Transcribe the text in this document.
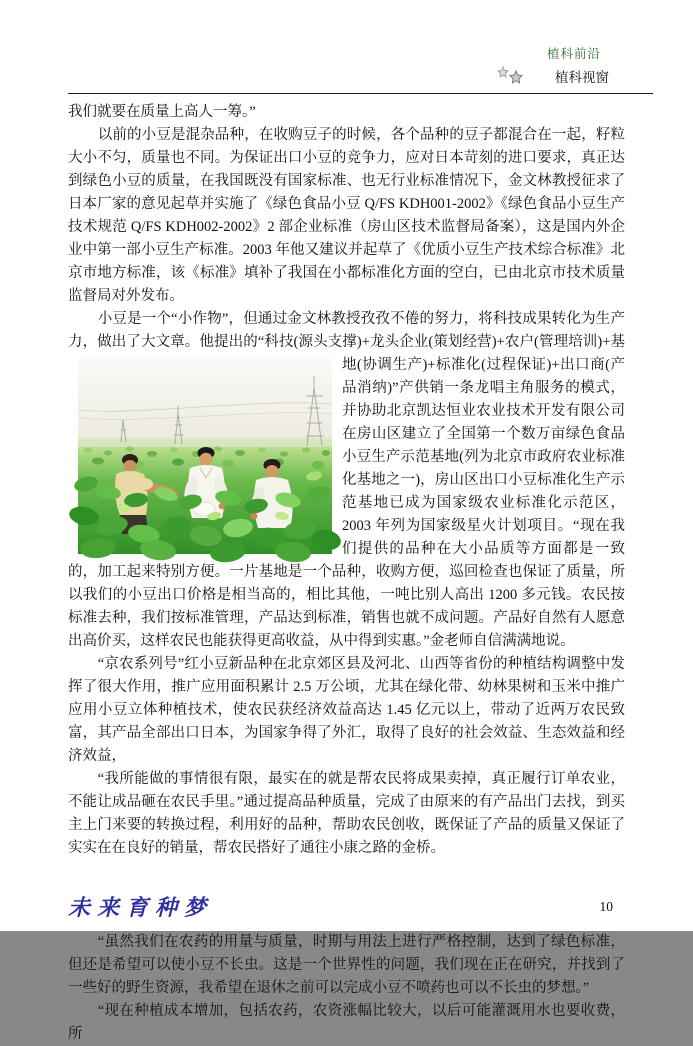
植科前沿
植科视窗

我们就要在质量上高人一筹。”

以前的小豆是混杂品种，在收购豆子的时候，各个品种的豆子都混合在一起，籽粒大小不匀，质量也不同。为保证出口小豆的竞争力，应对日本苛刻的进口要求，真正达到绿色小豆的质量，在我国既没有国家标准、也无行业标准情况下，金文林教授征求了日本厂家的意见起草并实施了《绿色食品小豆 Q/FS KDH001-2002》《绿色食品小豆生产技术规范 Q/FS KDH002-2002》2 部企业标准（房山区技术监督局备案），这是国内外企业中第一部小豆生产标准。2003 年他又建议并起草了《优质小豆生产技术综合标准》北京市地方标准，该《标准》填补了我国在小都标准化方面的空白，已由北京市技术质量监督局对外发布。

小豆是一个“小作物”，但通过金文林教授孜孜不倦的努力，将科技成果转化为生产力，做出了大文章。他提出的“科技(源头支撑)+龙头企业(策划经营)+农户(管理培训)+基
地(协调生产)+标准化(过程保证)+出口商(产品消纳)”产供销一条龙唱主角服务的模式，并协助北京凯达恒业农业技术开发有限公司在房山区建立了全国第一个数万亩绿色食品小豆生产示范基地(列为北京市政府农业标准化基地之一)，房山区出口小豆标准化生产示范基地已成为国家级农业标准化示范区，2003 年列为国家级星火计划项目。“现在我们提供的品种在大小品质等方面都是一致的，加工起来特别方便。一片基地是一个品种，收购方便，巡回检查也保证了质量，所以我们的小豆出口价格是相当高的，相比其他，一吨比别人高出 1200 多元钱。农民按标准去种，我们按标准管理，产品达到标准，销售也就不成问题。产品好自然有人愿意出高价买，这样农民也能获得更高收益，从中得到实惠。”金老师自信满满地说。

“京农系列号”红小豆新品种在北京郊区县及河北、山西等省份的种植结构调整中发挥了很大作用，推广应用面积累计 2.5 万公顷，尤其在绿化带、幼林果树和玉米中推广应用小豆立体种植技术，使农民获经济效益高达 1.45 亿元以上，带动了近两万农民致富，其产品全部出口日本，为国家争得了外汇，取得了良好的社会效益、生态效益和经济效益，

“我所能做的事情很有限，最实在的就是帮农民将成果卖掉，真正履行订单农业，不能让成品砸在农民手里。”通过提高品种质量，完成了由原来的有产品出门去找，到买主上门来要的转换过程，利用好的品种，帮助农民创收，既保证了产品的质量又保证了实实在在良好的销量，帮农民搭好了通往小康之路的金桥。

未来育种梦

“虽然我们在农药的用量与质量，时期与用法上进行严格控制，达到了绿色标准，但还是希望可以使小豆不长虫。这是一个世界性的问题，我们现在正在研究，并找到了一些好的野生资源，我希望在退休之前可以完成小豆不喷药也可以不长虫的梦想。”

“现在种植成本增加，包括农药，农资涨幅比较大，以后可能灌溉用水也要收费，所

10
